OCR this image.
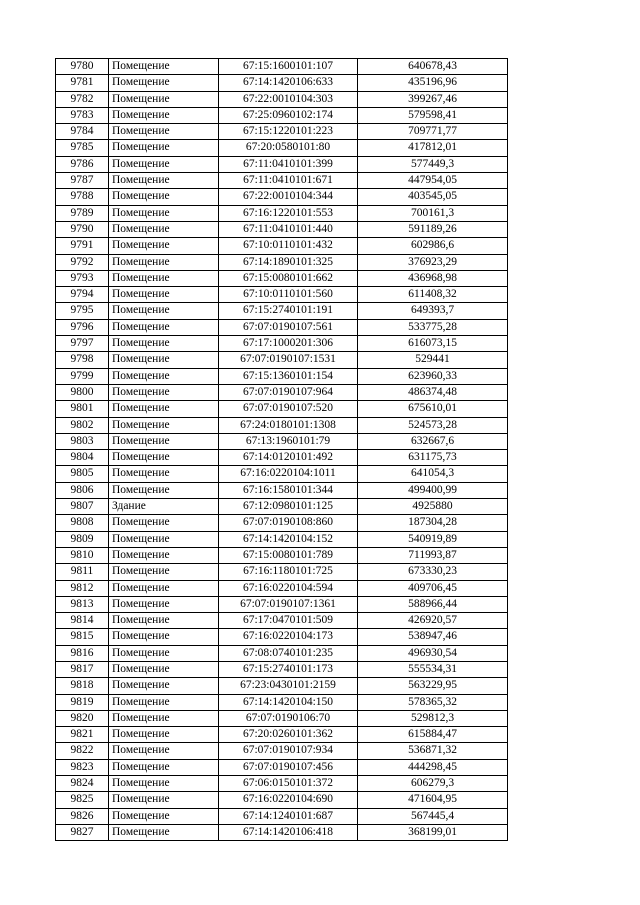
9780	Помещение	67:15:1600101:107	640678,43
9781	Помещение	67:14:1420106:633	435196,96
9782	Помещение	67:22:0010104:303	399267,46
9783	Помещение	67:25:0960102:174	579598,41
9784	Помещение	67:15:1220101:223	709771,77
9785	Помещение	67:20:0580101:80	417812,01
9786	Помещение	67:11:0410101:399	577449,3
9787	Помещение	67:11:0410101:671	447954,05
9788	Помещение	67:22:0010104:344	403545,05
9789	Помещение	67:16:1220101:553	700161,3
9790	Помещение	67:11:0410101:440	591189,26
9791	Помещение	67:10:0110101:432	602986,6
9792	Помещение	67:14:1890101:325	376923,29
9793	Помещение	67:15:0080101:662	436968,98
9794	Помещение	67:10:0110101:560	611408,32
9795	Помещение	67:15:2740101:191	649393,7
9796	Помещение	67:07:0190107:561	533775,28
9797	Помещение	67:17:1000201:306	616073,15
9798	Помещение	67:07:0190107:1531	529441
9799	Помещение	67:15:1360101:154	623960,33
9800	Помещение	67:07:0190107:964	486374,48
9801	Помещение	67:07:0190107:520	675610,01
9802	Помещение	67:24:0180101:1308	524573,28
9803	Помещение	67:13:1960101:79	632667,6
9804	Помещение	67:14:0120101:492	631175,73
9805	Помещение	67:16:0220104:1011	641054,3
9806	Помещение	67:16:1580101:344	499400,99
9807	Здание	67:12:0980101:125	4925880
9808	Помещение	67:07:0190108:860	187304,28
9809	Помещение	67:14:1420104:152	540919,89
9810	Помещение	67:15:0080101:789	711993,87
9811	Помещение	67:16:1180101:725	673330,23
9812	Помещение	67:16:0220104:594	409706,45
9813	Помещение	67:07:0190107:1361	588966,44
9814	Помещение	67:17:0470101:509	426920,57
9815	Помещение	67:16:0220104:173	538947,46
9816	Помещение	67:08:0740101:235	496930,54
9817	Помещение	67:15:2740101:173	555534,31
9818	Помещение	67:23:0430101:2159	563229,95
9819	Помещение	67:14:1420104:150	578365,32
9820	Помещение	67:07:0190106:70	529812,3
9821	Помещение	67:20:0260101:362	615884,47
9822	Помещение	67:07:0190107:934	536871,32
9823	Помещение	67:07:0190107:456	444298,45
9824	Помещение	67:06:0150101:372	606279,3
9825	Помещение	67:16:0220104:690	471604,95
9826	Помещение	67:14:1240101:687	567445,4
9827	Помещение	67:14:1420106:418	368199,01
